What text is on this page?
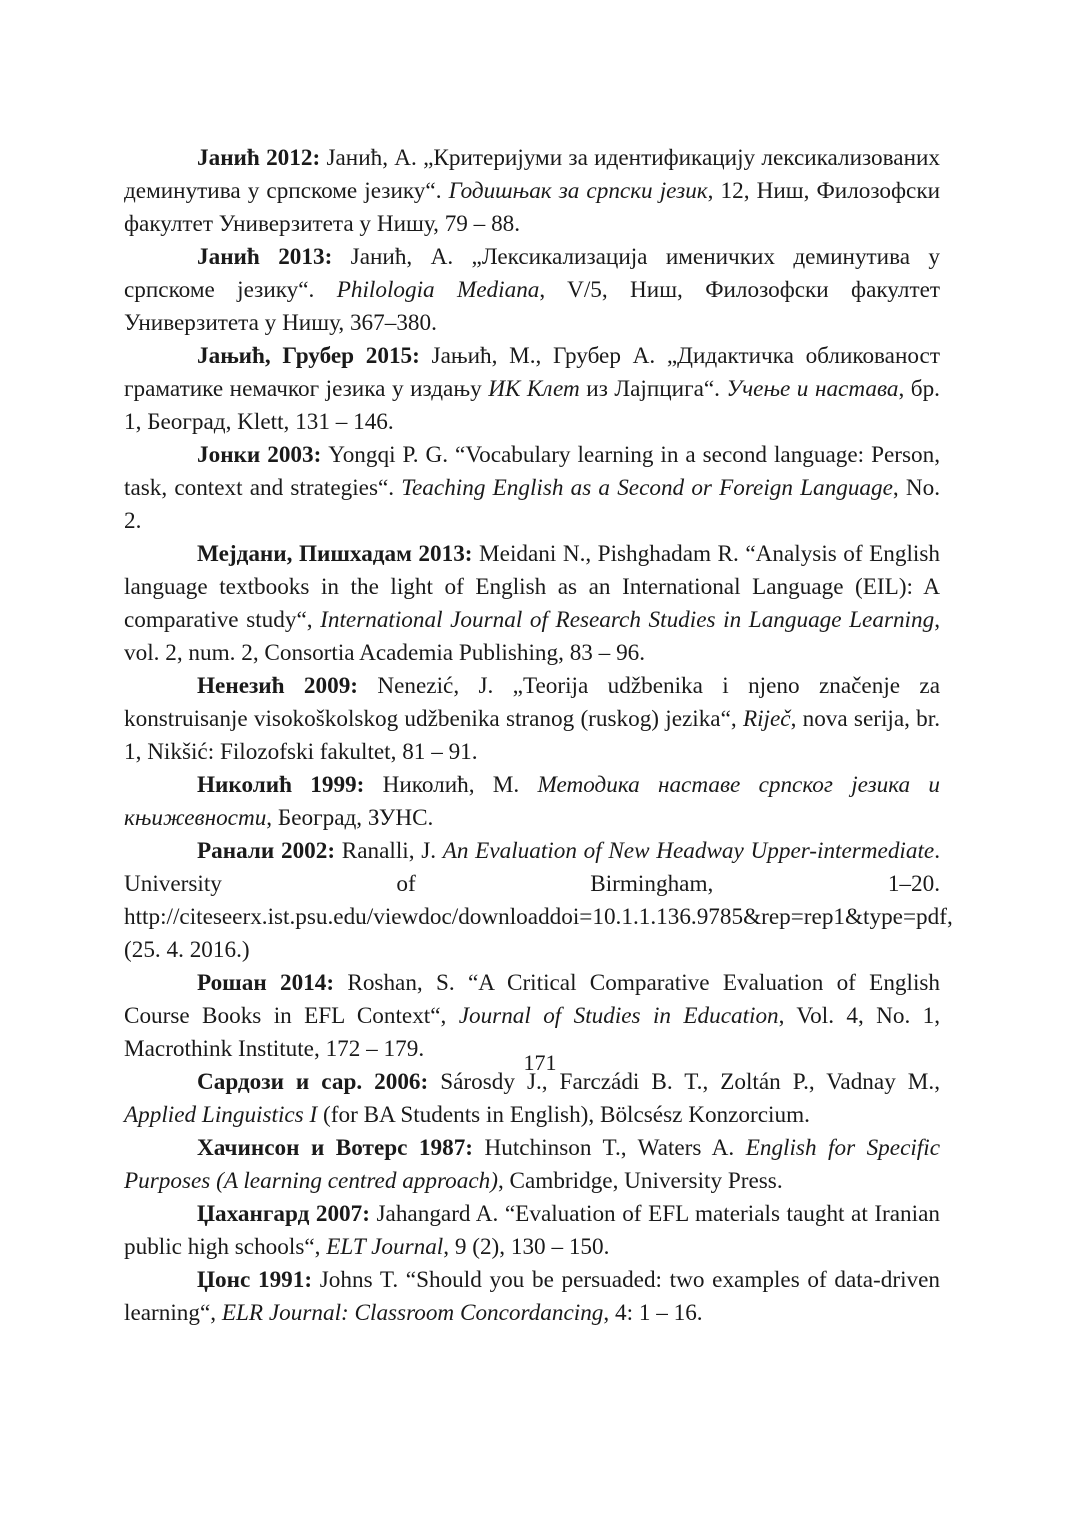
Јанић 2012: Јанић, А. „Критеријуми за идентификацију лексикализованих деминутива у српскоме језику“. Годишњак за српски језик, 12, Ниш, Филозофски факултет Универзитета у Нишу, 79 – 88.

Јанић 2013: Јанић, А. „Лексикализација именичких деминутива у српскоме језику“. Philologia Mediana, V/5, Ниш, Филозофски факултет Универзитета у Нишу, 367–380.

Јањић, Грубер 2015: Јањић, М., Грубер А. „Дидактичка обликованост граматике немачког језика у издању ИК Клет из Лајпцига“. Учење и настава, бр. 1, Београд, Klett, 131 – 146.

Јонки 2003: Yongqi P. G. “Vocabulary learning in a second language: Person, task, context and strategies“. Teaching English as a Second or Foreign Language, No. 2.

Мејдани, Пишхадам 2013: Meidani N., Pishghadam R. “Analysis of English language textbooks in the light of English as an International Language (EIL): A comparative study“, International Journal of Research Studies in Language Learning, vol. 2, num. 2, Consortia Academia Publishing, 83 – 96.

Ненезић 2009: Nenezić, J. „Teorija udžbenika i njeno značenje za konstruisanje visokoškolskog udžbenika stranog (ruskog) jezika“, Riječ, nova serija, br. 1, Nikšić: Filozofski fakultet, 81 – 91.

Николић 1999: Николић, М. Методика наставе српског језика и књижевности, Београд, ЗУНС.

Ранали 2002: Ranalli, J. An Evaluation of New Headway Upper-intermediate. University of Birmingham, 1–20. http://citeseerx.ist.psu.edu/viewdoc/downloaddoi=10.1.1.136.9785&rep=rep1&type=pdf, (25. 4. 2016.)

Рошан 2014: Roshan, S. “A Critical Comparative Evaluation of English Course Books in EFL Context“, Journal of Studies in Education, Vol. 4, No. 1, Macrothink Institute, 172 – 179.

Сардози и сар. 2006: Sárosdy J., Farczádi B. T., Zoltán P., Vadnay M., Applied Linguistics I (for BA Students in English), Bölcsész Konzorcium.

Хачинсон и Вотерс 1987: Hutchinson T., Waters A. English for Specific Purposes (A learning centred approach), Cambridge, University Press.

Џахангард 2007: Jahangard A. “Evaluation of EFL materials taught at Iranian public high schools“, ELT Journal, 9 (2), 130 – 150.

Џонс 1991: Johns T. “Should you be persuaded: two examples of data-driven learning“, ELR Journal: Classroom Concordancing, 4: 1 – 16.

171
